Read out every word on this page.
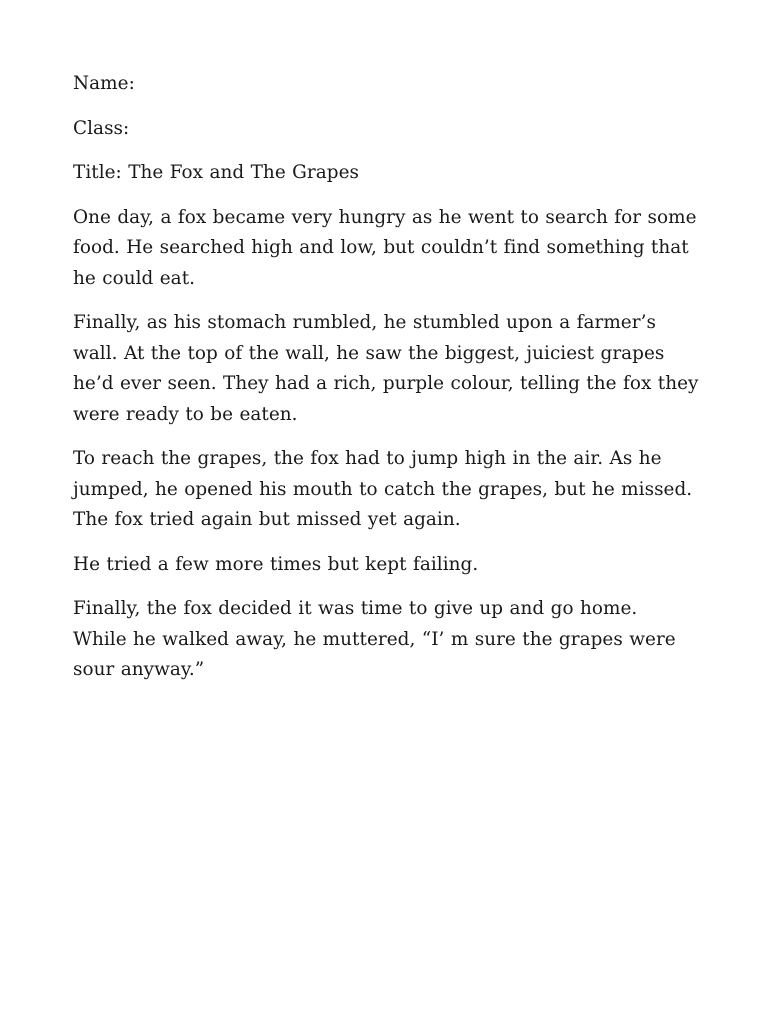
Name:

Class:

Title: The Fox and The Grapes

One day, a fox became very hungry as he went to search for some
food. He searched high and low, but couldn’t find something that
he could eat.

Finally, as his stomach rumbled, he stumbled upon a farmer’s
wall. At the top of the wall, he saw the biggest, juiciest grapes
he’d ever seen. They had a rich, purple colour, telling the fox they
were ready to be eaten.

To reach the grapes, the fox had to jump high in the air. As he
jumped, he opened his mouth to catch the grapes, but he missed.
The fox tried again but missed yet again.

He tried a few more times but kept failing.

Finally, the fox decided it was time to give up and go home.
While he walked away, he muttered, “I’ m sure the grapes were
sour anyway.”
